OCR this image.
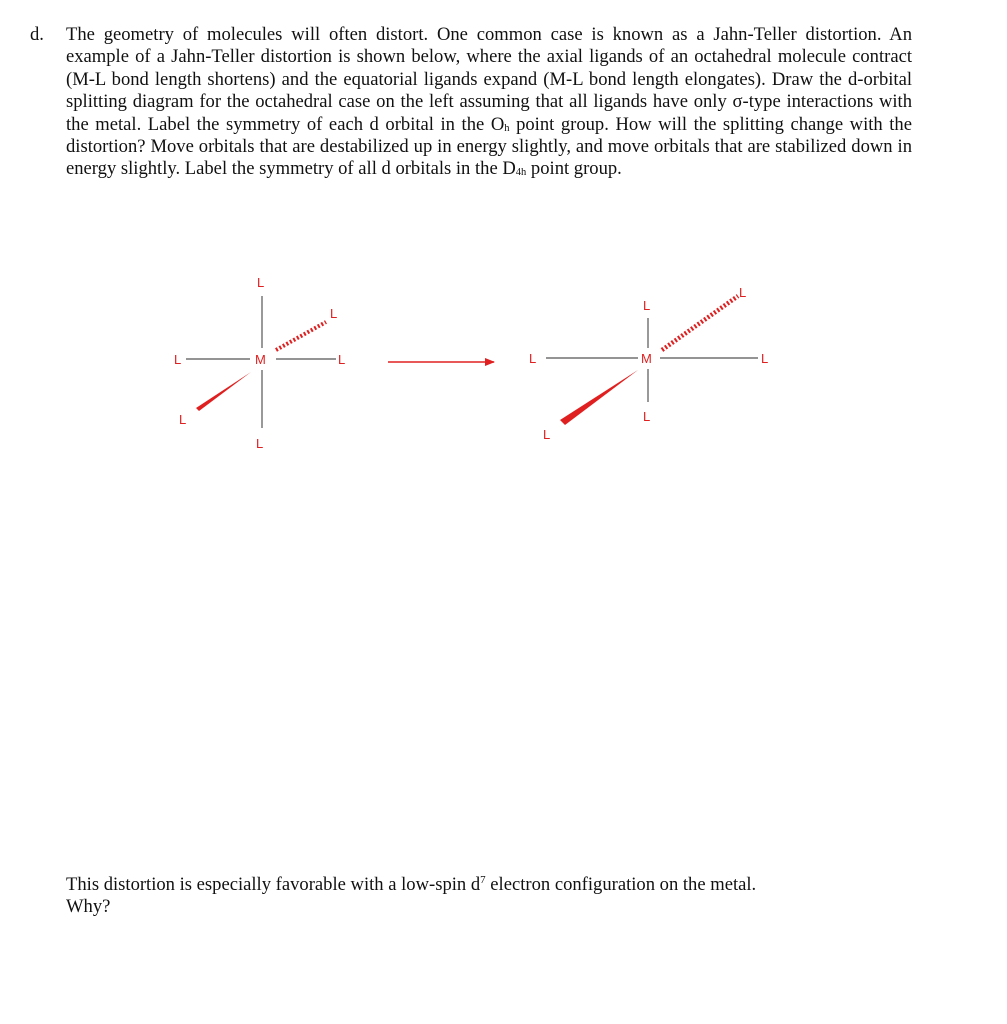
d. The geometry of molecules will often distort. One common case is known as a Jahn-Teller distortion. An example of a Jahn-Teller distortion is shown below, where the axial ligands of an octahedral molecule contract (M-L bond length shortens) and the equatorial ligands expand (M-L bond length elongates). Draw the d-orbital splitting diagram for the octahedral case on the left assuming that all ligands have only σ-type interactions with the metal. Label the symmetry of each d orbital in the $O_h$ point group. How will the splitting change with the distortion? Move orbitals that are destabilized up in energy slightly, and move orbitals that are stabilized down in energy slightly. Label the symmetry of all d orbitals in the $D_{4h}$ point group.
M
L
L
L	L
L
L
M
L
L
L	L
L
L
This distortion is especially favorable with a low-spin $d^7$ electron configuration on the metal.
Why?
